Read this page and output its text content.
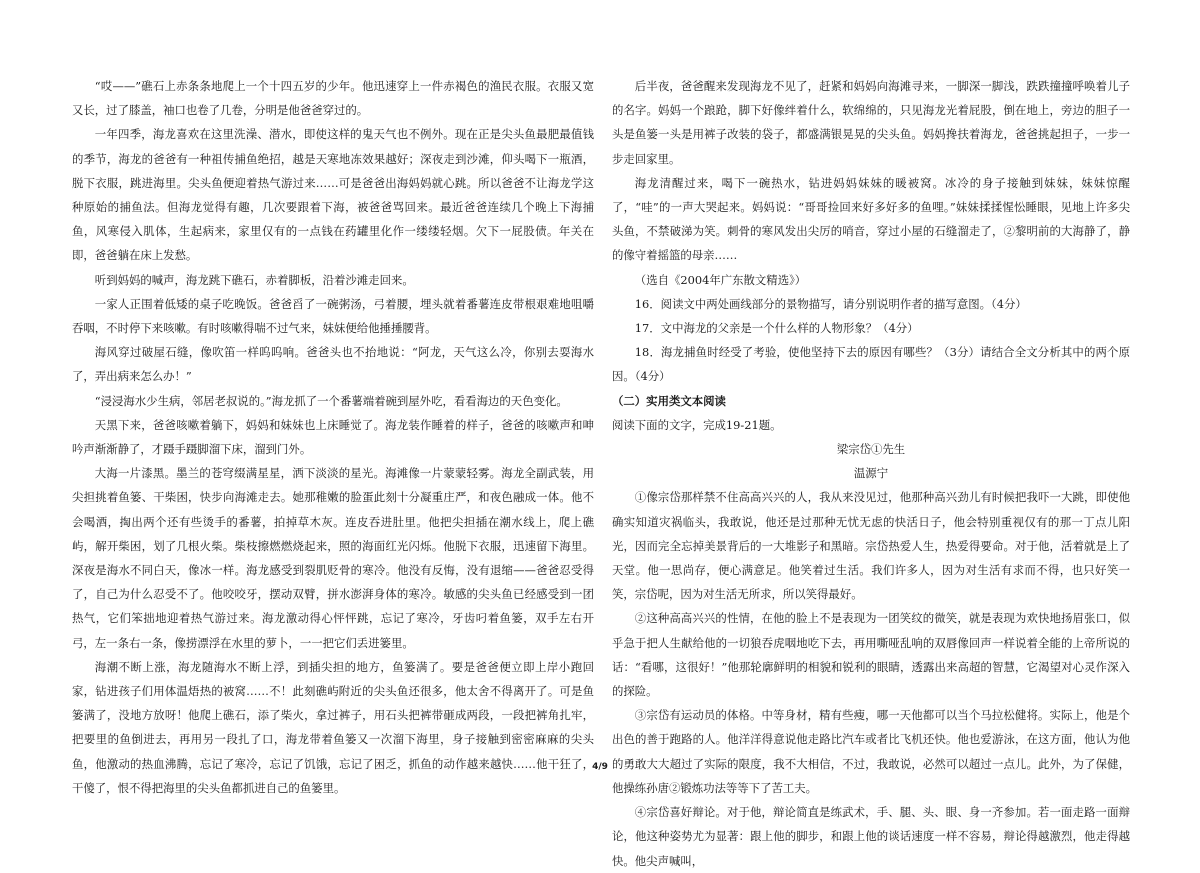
“哎——”礁石上赤条条地爬上一个十四五岁的少年。他迅速穿上一件赤褐色的渔民衣服。衣服又宽又长，过了膝盖，袖口也卷了几卷，分明是他爸爸穿过的。

一年四季，海龙喜欢在这里洗澡、潜水，即使这样的鬼天气也不例外。现在正是尖头鱼最肥最值钱的季节，海龙的爸爸有一种祖传捕鱼绝招，越是天寒地冻效果越好；深夜走到沙滩，仰头喝下一瓶酒，脱下衣服，跳进海里。尖头鱼便迎着热气游过来……可是爸爸出海妈妈就心跳。所以爸爸不让海龙学这种原始的捕鱼法。但海龙觉得有趣，几次要跟着下海，被爸爸骂回来。最近爸爸连续几个晚上下海捕鱼，风寒侵入肌体，生起病来，家里仅有的一点钱在药罐里化作一缕缕轻烟。欠下一屁股债。年关在即，爸爸躺在床上发愁。

听到妈妈的喊声，海龙跳下礁石，赤着脚板，沿着沙滩走回来。

一家人正围着低矮的桌子吃晚饭。爸爸舀了一碗粥汤，弓着腰，埋头就着番薯连皮带根艰难地咀嚼吞咽，不时停下来咳嗽。有时咳嗽得喘不过气来，妹妹便给他捶捶腰背。

海风穿过破屋石缝，像吹笛一样呜呜响。爸爸头也不抬地说：“阿龙，天气这么冷，你别去耍海水了，弄出病来怎么办！”

“浸浸海水少生病，邻居老叔说的。”海龙抓了一个番薯端着碗到屋外吃，看看海边的天色变化。

天黑下来，爸爸咳嗽着躺下，妈妈和妹妹也上床睡觉了。海龙装作睡着的样子，爸爸的咳嗽声和呻吟声渐渐静了，才蹑手蹑脚溜下床，溜到门外。

大海一片漆黑。墨兰的苍穹缀满星星，洒下淡淡的星光。海滩像一片蒙蒙轻雾。海龙全副武装，用尖担挑着鱼篓、干柴困，快步向海滩走去。她那稚嫩的脸蛋此刻十分凝重庄严，和夜色融成一体。他不会喝酒，掏出两个还有些烫手的番薯，拍掉草木灰。连皮吞进肚里。他把尖担插在潮水线上，爬上礁屿，解开柴困，划了几根火柴。柴枝擦燃燃烧起来，照的海面红光闪烁。他脱下衣服，迅速留下海里。深夜是海水不同白天，像冰一样。海龙感受到裂肌贬骨的寒冷。他没有反悔，没有退缩——爸爸忍受得了，自己为什么忍受不了。他咬咬牙，摆动双臂，拼水澎湃身体的寒冷。敏感的尖头鱼已经感受到一团热气，它们笨拙地迎着热气游过来。海龙激动得心怦怦跳，忘记了寒冷，牙齿叼着鱼篓，双手左右开弓，左一条右一条，像捞漂浮在水里的萝卜，一一把它们丢进篓里。

海潮不断上涨，海龙随海水不断上浮，到插尖担的地方，鱼篓满了。要是爸爸便立即上岸小跑回家，钻进孩子们用体温焐热的被窝……不！此刻礁屿附近的尖头鱼还很多，他太舍不得离开了。可是鱼篓满了，没地方放呀！他爬上礁石，添了柴火，拿过裤子，用石头把裤带砸成两段，一段把裤角扎牢，把要里的鱼倒进去，再用另一段扎了口，海龙带着鱼篓又一次溜下海里，身子接触到密密麻麻的尖头鱼，他激动的热血沸腾，忘记了寒冷，忘记了饥饿，忘记了困乏，抓鱼的动作越来越快……他干狂了，干傻了，恨不得把海里的尖头鱼都抓进自己的鱼篓里。

后半夜，爸爸醒来发现海龙不见了，赶紧和妈妈向海滩寻来，一脚深一脚浅，跌跌撞撞呼唤着儿子的名字。妈妈一个踉跄，脚下好像绊着什么，软绵绵的，只见海龙光着屁股，倒在地上，旁边的胆子一头是鱼篓一头是用裤子改装的袋子，都盛满银晃晃的尖头鱼。妈妈搀扶着海龙，爸爸挑起担子，一步一步走回家里。

海龙清醒过来，喝下一碗热水，钻进妈妈妹妹的暖被窝。冰冷的身子接触到妹妹，妹妹惊醒了，“哇”的一声大哭起来。妈妈说：“哥哥捡回来好多好多的鱼哩。”妹妹揉揉惺忪睡眼，见地上许多尖头鱼，不禁破涕为笑。刺骨的寒风发出尖厉的哨音，穿过小屋的石缝溜走了，②黎明前的大海静了，静的像守着摇篮的母亲……

（选自《2004年广东散文精选》）

16．阅读文中两处画线部分的景物描写，请分别说明作者的描写意图。（4分）

17．文中海龙的父亲是一个什么样的人物形象？（4分）

18．海龙捕鱼时经受了考验，使他坚持下去的原因有哪些？（3分）请结合全文分析其中的两个原因。（4分）

（二）实用类文本阅读

阅读下面的文字，完成19-21题。

梁宗岱①先生

温源宁

①像宗岱那样禁不住高高兴兴的人，我从来没见过，他那种高兴劲儿有时候把我吓一大跳，即使他确实知道灾祸临头，我敢说，他还是过那种无忧无虑的快活日子，他会特别重视仅有的那一丁点儿阳光，因而完全忘掉美景背后的一大堆影子和黑暗。宗岱热爱人生，热爱得要命。对于他，活着就是上了天堂。他一思尚存，便心满意足。他笑着过生活。我们许多人，因为对生活有求而不得，也只好笑一笑，宗岱呢，因为对生活无所求，所以笑得最好。

②这种高高兴兴的性情，在他的脸上不是表现为一团笑纹的微笑，就是表现为欢快地扬眉张口，似乎急于把人生献给他的一切狼吞虎咽地吃下去，再用嘶哑乱响的双唇像回声一样说着全能的上帝所说的话：“看哪，这很好！”他那轮廓鲜明的相貌和锐利的眼睛，透露出来高超的智慧，它渴望对心灵作深入的探险。

③宗岱有运动员的体格。中等身材，精有些瘦，哪一天他都可以当个马拉松健将。实际上，他是个出色的善于跑路的人。他洋洋得意说他走路比汽车或者比飞机还快。他也爱游泳，在这方面，他认为他的勇敢大大超过了实际的限度，我不大相信，不过，我敢说，必然可以超过一点儿。此外，为了保健，他操练孙唐②锻炼功法等等下了苦工夫。

④宗岱喜好辩论。对于他，辩论简直是练武术，手、腿、头、眼、身一齐参加。若一面走路一面辩论，他这种姿势尤为显著：跟上他的脚步，和跟上他的谈话速度一样不容易，辩论得越激烈，他走得越快。他尖声喊叫，

4/9
